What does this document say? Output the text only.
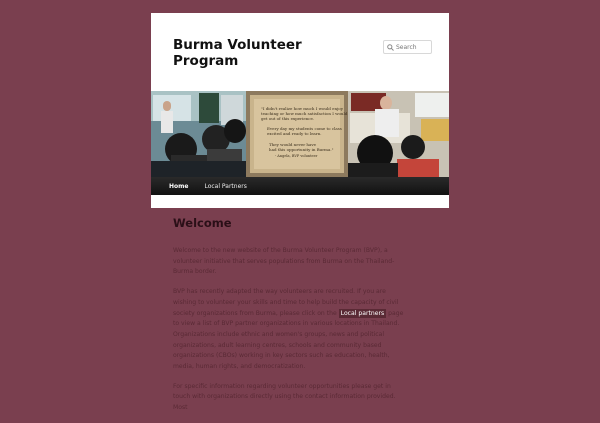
Burma Volunteer Program
Search
"I didn't realize how much I would enjoy
teaching or how much satisfaction I would
get out of this experience.
Every day my students come to class
excited and ready to learn.
They would never have
had this opportunity in Burma."
- Angela, BVP volunteer
Home	Local Partners
Welcome

Welcome to the new website of the Burma Volunteer Program (BVP), a volunteer initiative that serves populations from Burma on the Thailand-Burma border.

BVP has recently adapted the way volunteers are recruited. If you are wishing to volunteer your skills and time to help build the capacity of civil society organizations from Burma, please click on the Local partners page to view a list of BVP partner organizations in various locations in Thailand. Organizations include ethnic and women's groups, news and political organizations, adult learning centres, schools and community based organizations (CBOs) working in key sectors such as education, health, media, human rights, and democratization.

For specific information regarding volunteer opportunities please get in touch with organizations directly using the contact information provided. Most
